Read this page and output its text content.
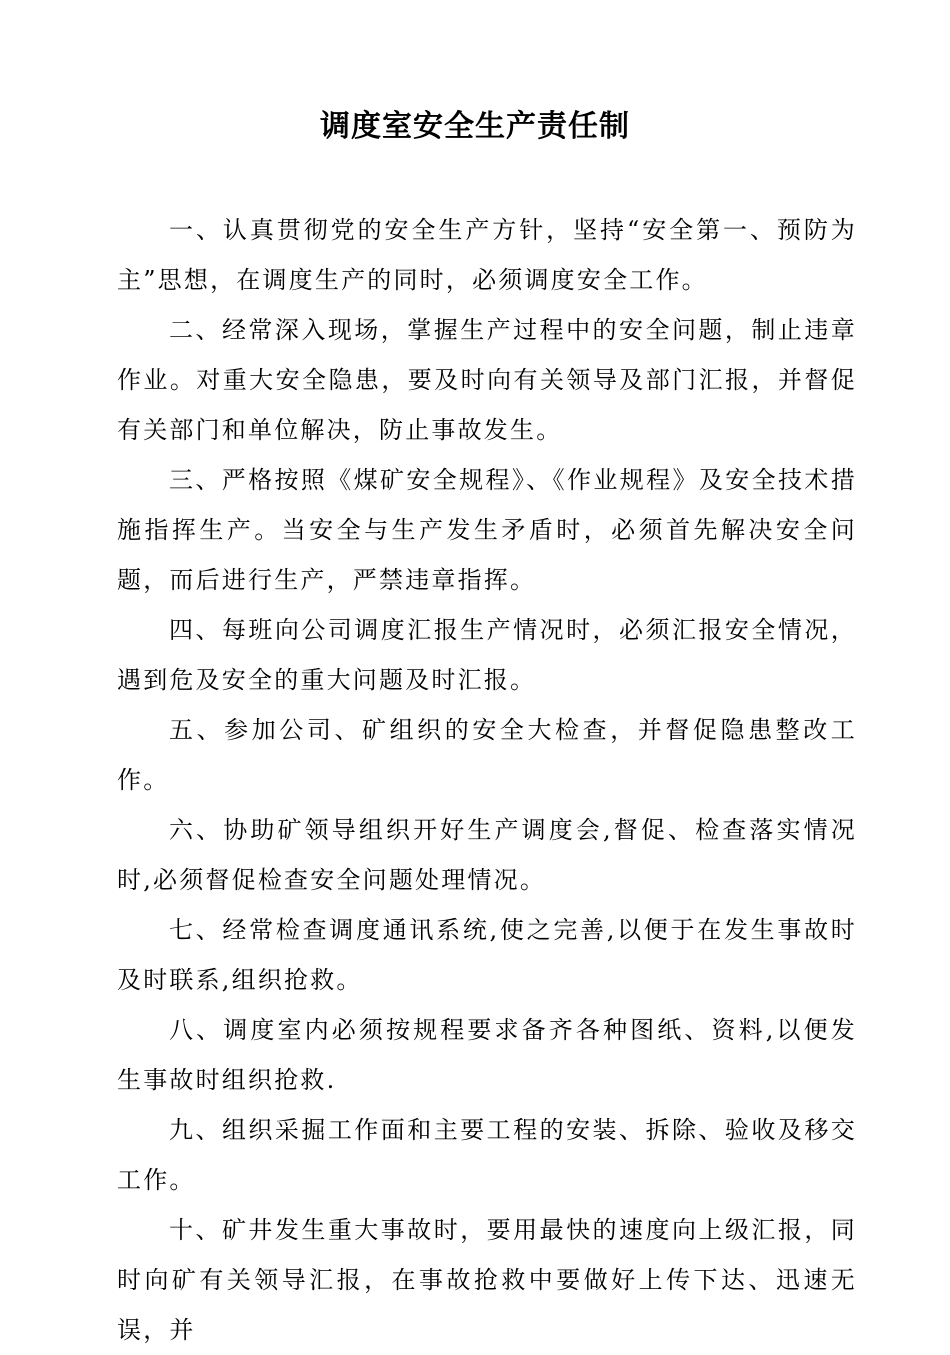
调度室安全生产责任制

一、认真贯彻党的安全生产方针，坚持“安全第一、预防为主”思想，在调度生产的同时，必须调度安全工作。

二、经常深入现场，掌握生产过程中的安全问题，制止违章作业。对重大安全隐患，要及时向有关领导及部门汇报，并督促有关部门和单位解决，防止事故发生。

三、严格按照《煤矿安全规程》、《作业规程》及安全技术措施指挥生产。当安全与生产发生矛盾时，必须首先解决安全问题，而后进行生产，严禁违章指挥。

四、每班向公司调度汇报生产情况时，必须汇报安全情况，遇到危及安全的重大问题及时汇报。

五、参加公司、矿组织的安全大检查，并督促隐患整改工作。

六、协助矿领导组织开好生产调度会,督促、检查落实情况时,必须督促检查安全问题处理情况。

七、经常检查调度通讯系统,使之完善,以便于在发生事故时及时联系,组织抢救。

八、调度室内必须按规程要求备齐各种图纸、资料,以便发生事故时组织抢救.

九、组织采掘工作面和主要工程的安装、拆除、验收及移交工作。

十、矿井发生重大事故时，要用最快的速度向上级汇报，同时向矿有关领导汇报，在事故抢救中要做好上传下达、迅速无误，并
